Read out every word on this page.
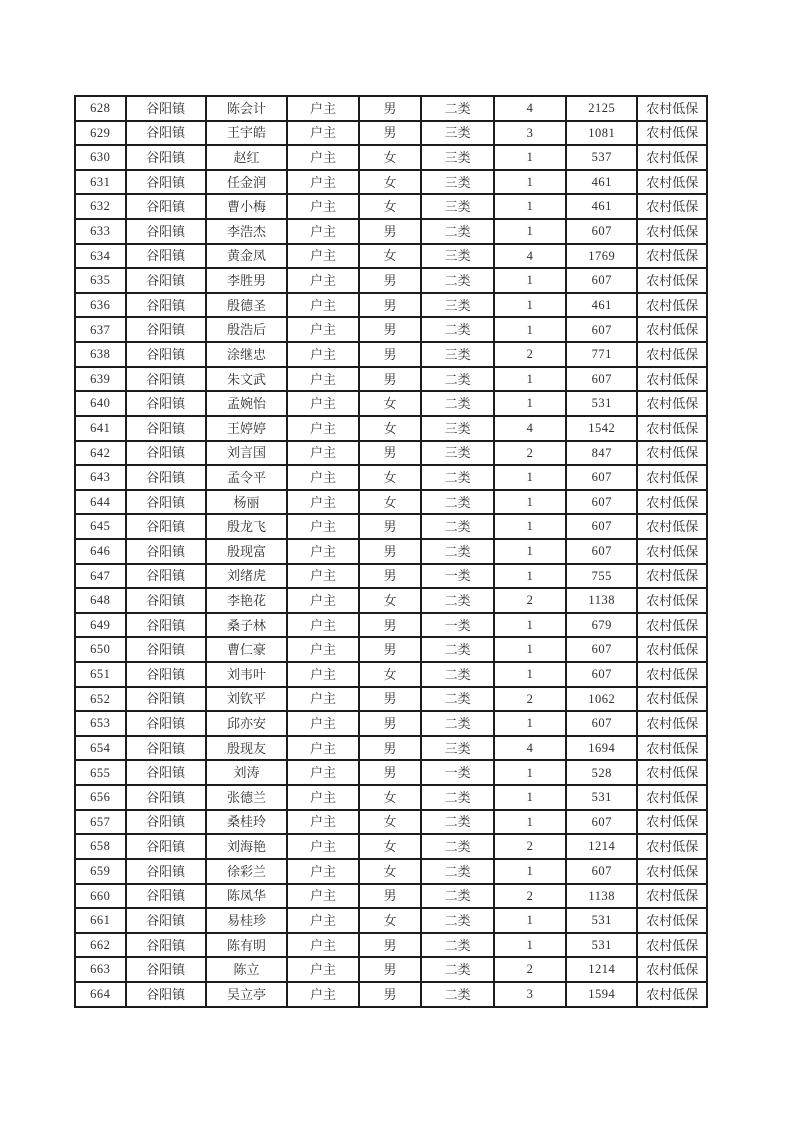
628	谷阳镇	陈会计	户主	男	二类	4	2125	农村低保
629	谷阳镇	王宇皓	户主	男	三类	3	1081	农村低保
630	谷阳镇	赵红	户主	女	三类	1	537	农村低保
631	谷阳镇	任金润	户主	女	三类	1	461	农村低保
632	谷阳镇	曹小梅	户主	女	三类	1	461	农村低保
633	谷阳镇	李浩杰	户主	男	二类	1	607	农村低保
634	谷阳镇	黄金凤	户主	女	三类	4	1769	农村低保
635	谷阳镇	李胜男	户主	男	二类	1	607	农村低保
636	谷阳镇	殷德圣	户主	男	三类	1	461	农村低保
637	谷阳镇	殷浩后	户主	男	二类	1	607	农村低保
638	谷阳镇	涂继忠	户主	男	三类	2	771	农村低保
639	谷阳镇	朱文武	户主	男	二类	1	607	农村低保
640	谷阳镇	孟婉怡	户主	女	二类	1	531	农村低保
641	谷阳镇	王婷婷	户主	女	三类	4	1542	农村低保
642	谷阳镇	刘言国	户主	男	三类	2	847	农村低保
643	谷阳镇	孟令平	户主	女	二类	1	607	农村低保
644	谷阳镇	杨丽	户主	女	二类	1	607	农村低保
645	谷阳镇	殷龙飞	户主	男	二类	1	607	农村低保
646	谷阳镇	殷现富	户主	男	二类	1	607	农村低保
647	谷阳镇	刘绪虎	户主	男	一类	1	755	农村低保
648	谷阳镇	李艳花	户主	女	二类	2	1138	农村低保
649	谷阳镇	桑子林	户主	男	一类	1	679	农村低保
650	谷阳镇	曹仁豪	户主	男	二类	1	607	农村低保
651	谷阳镇	刘韦叶	户主	女	二类	1	607	农村低保
652	谷阳镇	刘钦平	户主	男	二类	2	1062	农村低保
653	谷阳镇	邱亦安	户主	男	二类	1	607	农村低保
654	谷阳镇	殷现友	户主	男	三类	4	1694	农村低保
655	谷阳镇	刘涛	户主	男	一类	1	528	农村低保
656	谷阳镇	张德兰	户主	女	二类	1	531	农村低保
657	谷阳镇	桑桂玲	户主	女	二类	1	607	农村低保
658	谷阳镇	刘海艳	户主	女	二类	2	1214	农村低保
659	谷阳镇	徐彩兰	户主	女	二类	1	607	农村低保
660	谷阳镇	陈凤华	户主	男	二类	2	1138	农村低保
661	谷阳镇	易桂珍	户主	女	二类	1	531	农村低保
662	谷阳镇	陈有明	户主	男	二类	1	531	农村低保
663	谷阳镇	陈立	户主	男	二类	2	1214	农村低保
664	谷阳镇	吴立亭	户主	男	二类	3	1594	农村低保
